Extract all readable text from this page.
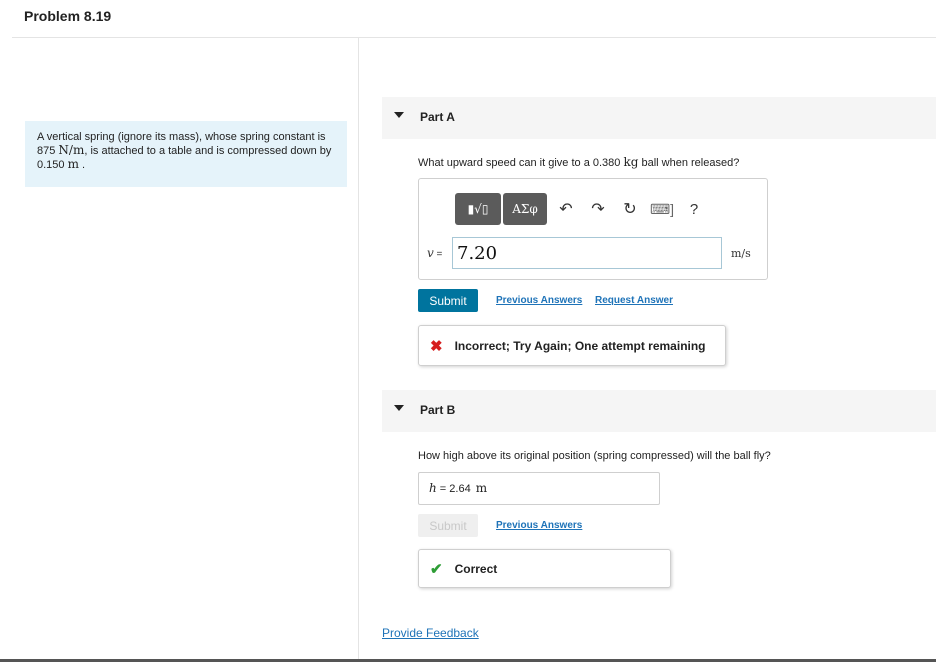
Problem 8.19
A vertical spring (ignore its mass), whose spring constant is 875 N/m, is attached to a table and is compressed down by 0.150 m .
Part A
What upward speed can it give to a 0.380 kg ball when released?
▮√▯	ΑΣφ	↶	↷	↻ ⌨ ]	?
v =
7.20	m/s
Submit	Previous Answers Request Answer
✖ Incorrect; Try Again; One attempt remaining
Part B
How high above its original position (spring compressed) will the ball fly?
h = 2.64 m
Submit	Previous Answers
✔ Correct
Provide Feedback
